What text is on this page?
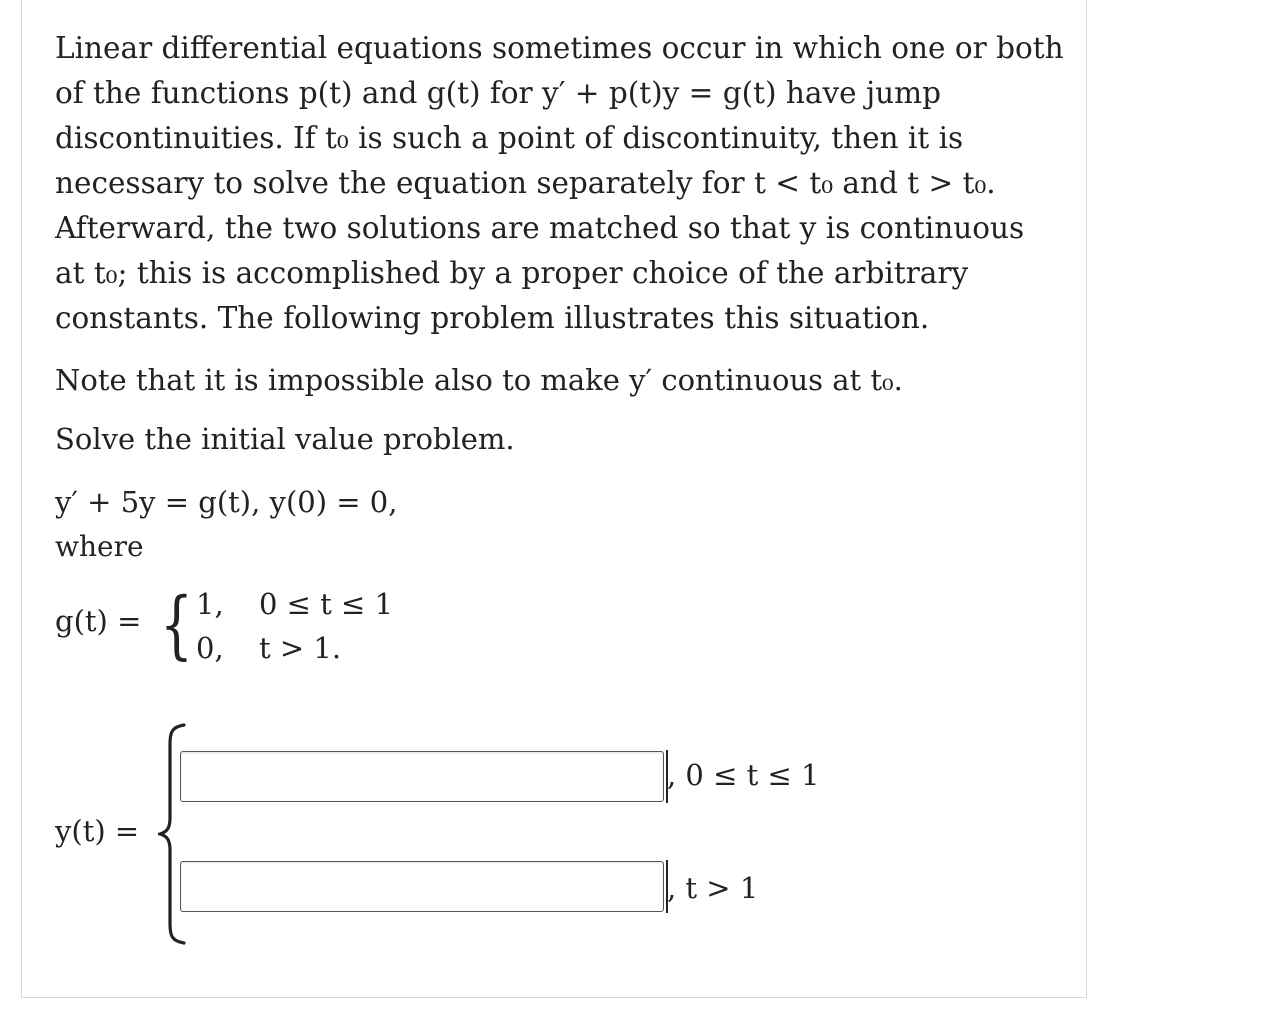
Linear differential equations sometimes occur in which one or both
of the functions p(t) and g(t) for y′ + p(t)y = g(t) have jump
discontinuities. If t₀ is such a point of discontinuity, then it is
necessary to solve the equation separately for t < t₀ and t > t₀.
Afterward, the two solutions are matched so that y is continuous
at t₀; this is accomplished by a proper choice of the arbitrary
constants. The following problem illustrates this situation.
Note that it is impossible also to make y′ continuous at t₀.
Solve the initial value problem.
y′ + 5y = g(t), y(0) = 0,
where
g(t) = { 1, 0 ≤ t ≤ 1
0, t > 1.
y(t) =
, 0 ≤ t ≤ 1
, t > 1
